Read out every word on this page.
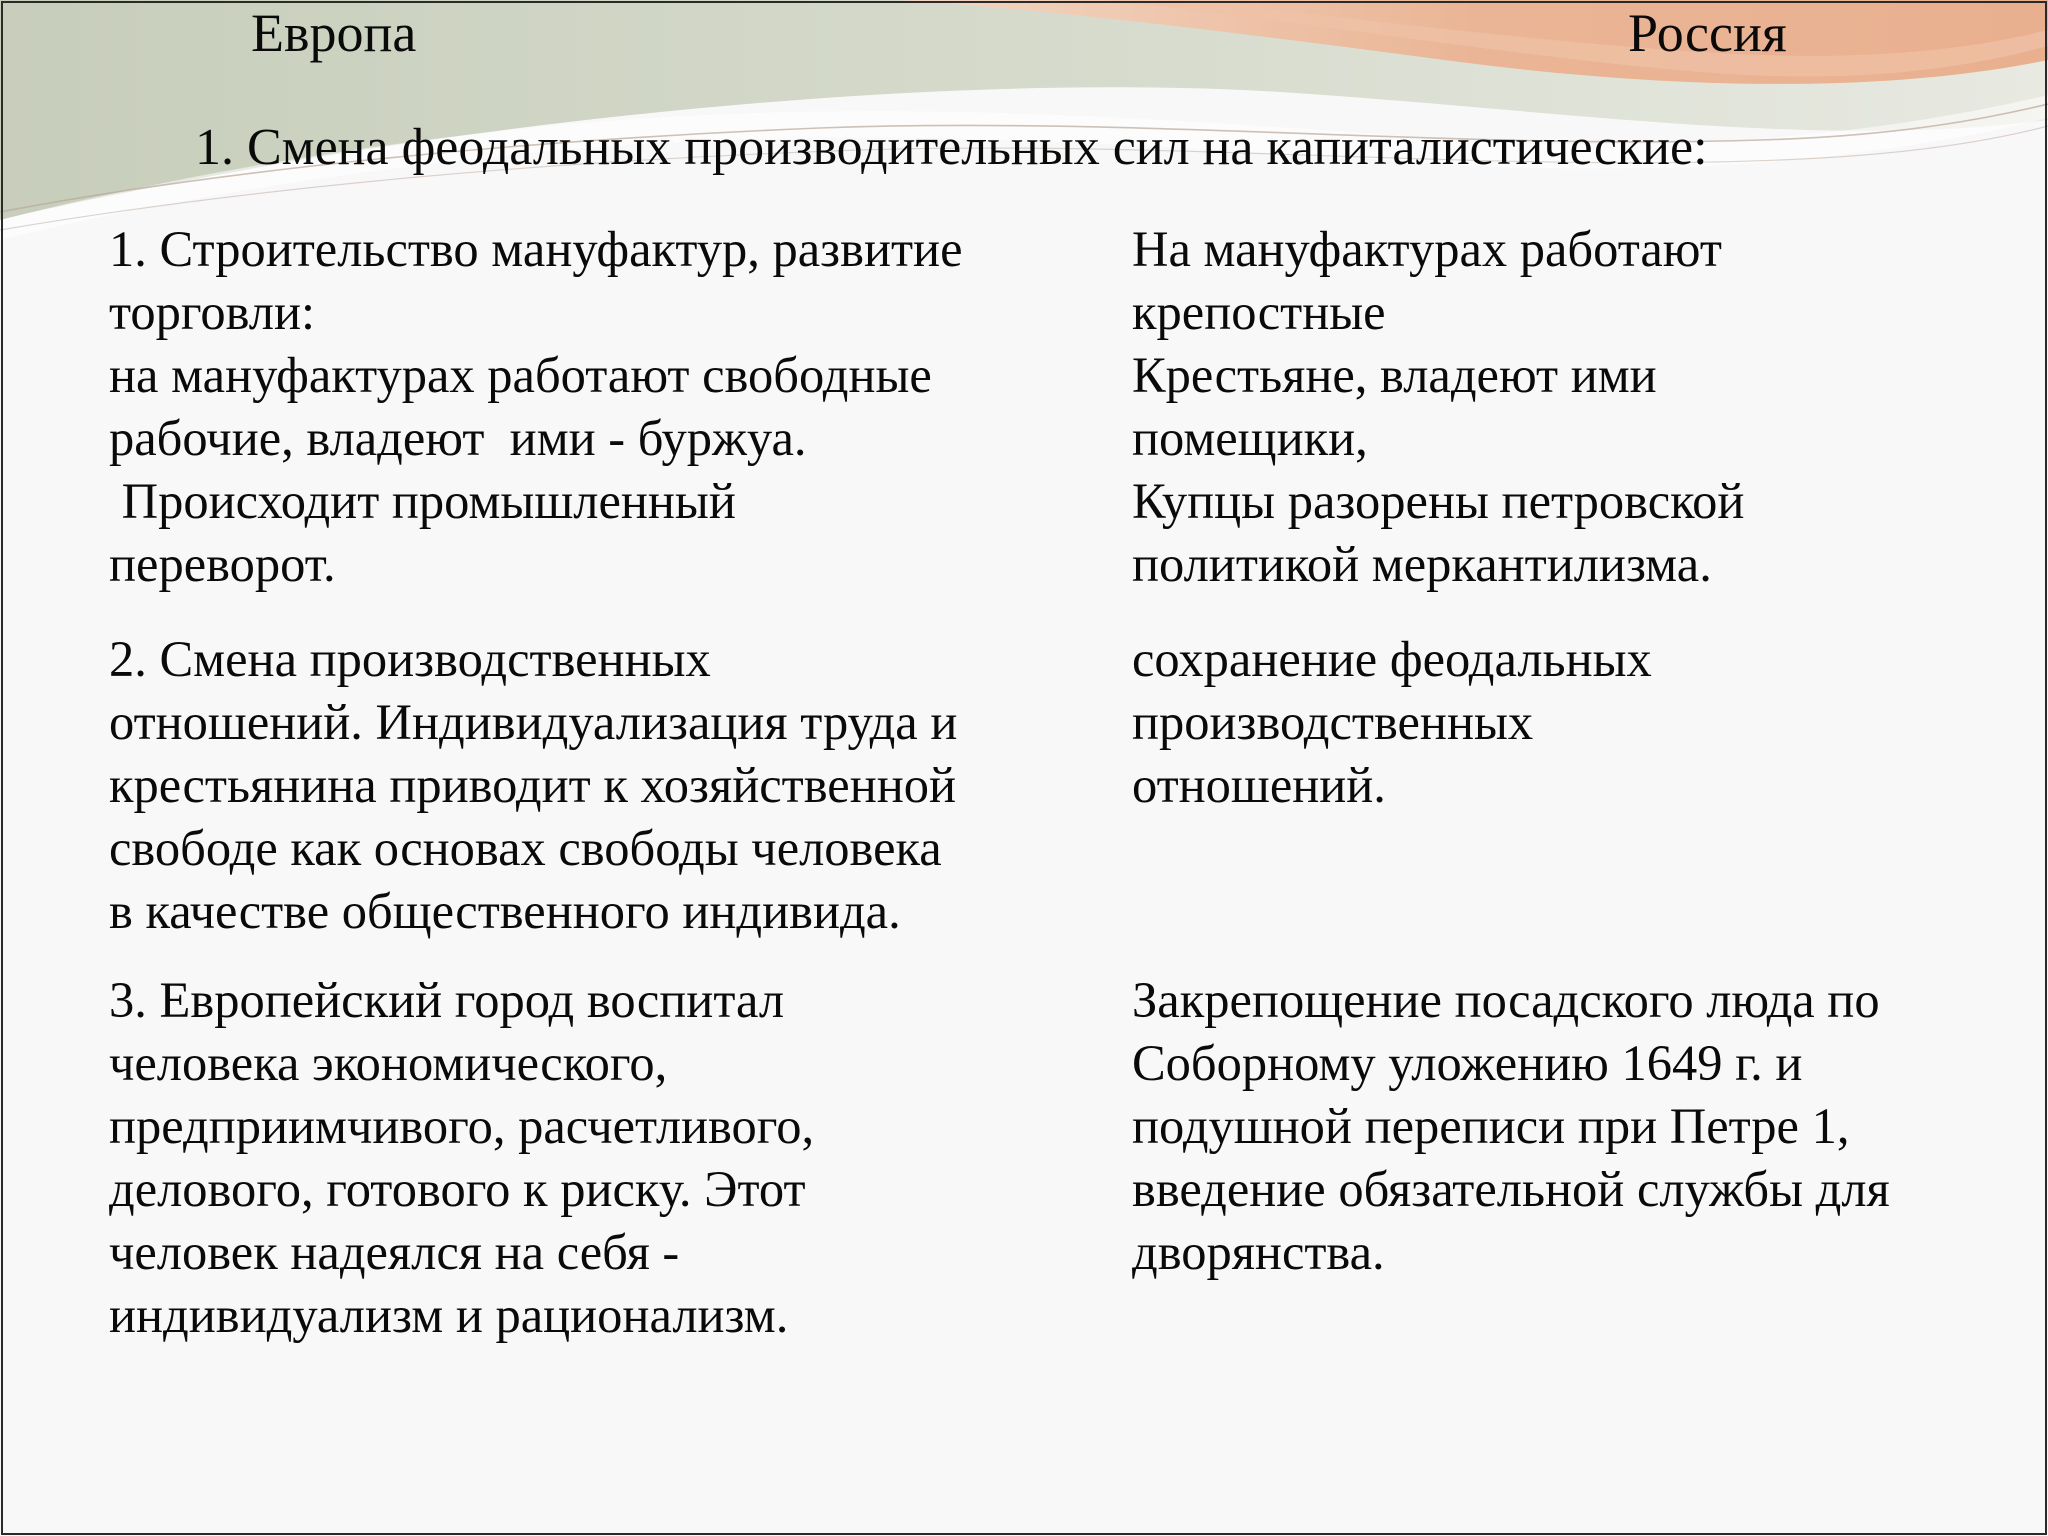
Европа	Россия
1. Смена феодальных производительных сил на капиталистические:

1. Строительство мануфактур, развитие
торговли:
на мануфактурах работают свободные
рабочие, владеют  ими - буржуа.
Происходит промышленный
переворот.

На мануфактурах работают
крепостные
Крестьяне, владеют ими
помещики,
Купцы разорены петровской
политикой меркантилизма.

2. Смена производственных
отношений. Индивидуализация труда и
крестьянина приводит к хозяйственной
свободе как основах свободы человека
в качестве общественного индивида.

сохранение феодальных
производственных
отношений.

3. Европейский город воспитал
человека экономического,
предприимчивого, расчетливого,
делового, готового к риску. Этот
человек надеялся на себя -
индивидуализм и рационализм.

Закрепощение посадского люда по
Соборному уложению 1649 г. и
подушной переписи при Петре 1,
введение обязательной службы для
дворянства.
